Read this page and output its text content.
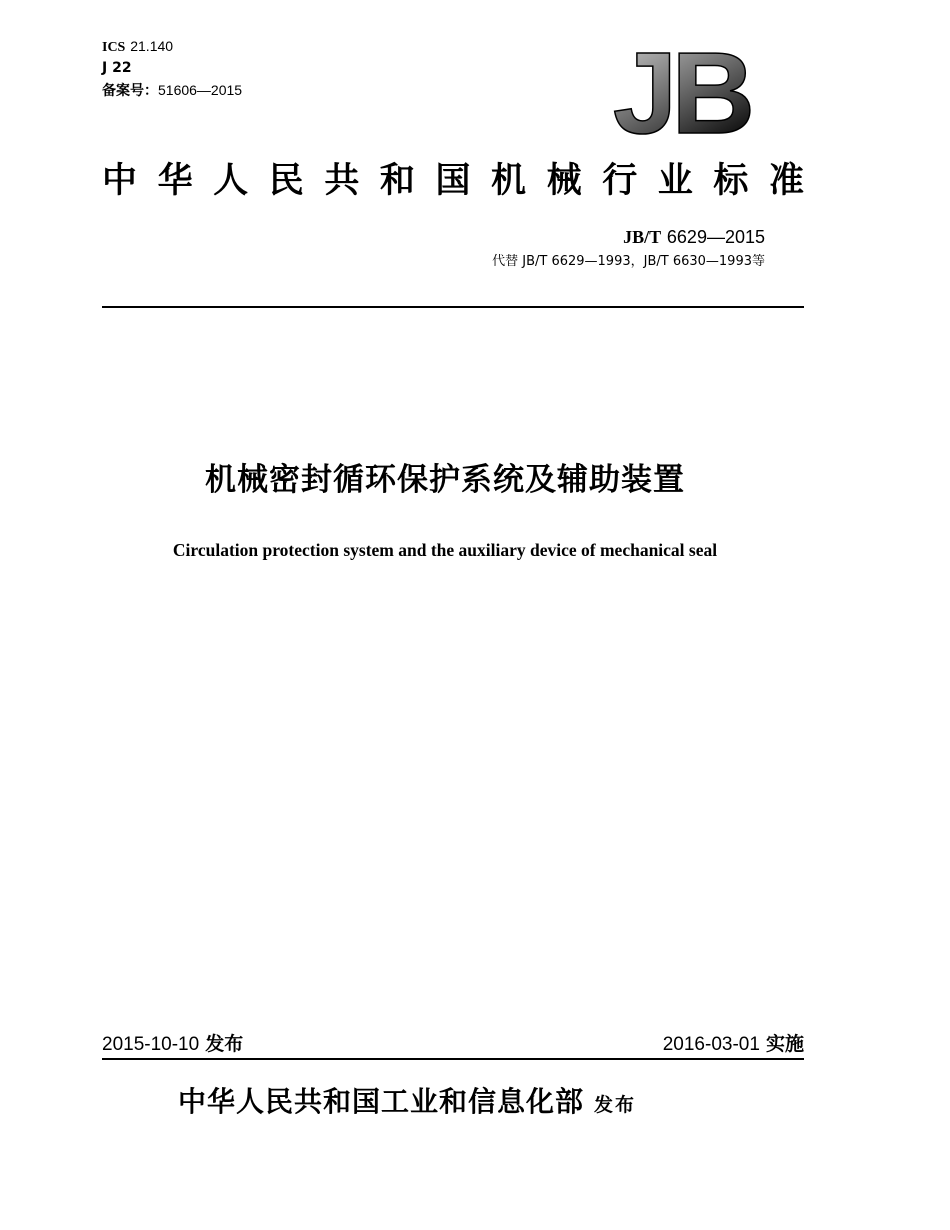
ICS 21.140
J 22
备案号：51606—2015	JB
中 华 人 民 共 和 国 机 械 行 业 标 准
JB/T 6629—2015
代替 JB/T 6629—1993，JB/T 6630—1993等
机械密封循环保护系统及辅助装置
Circulation protection system and the auxiliary device of mechanical seal
2015-10-10 发布	2016-03-01 实施
中华人民共和国工业和信息化部 发布
